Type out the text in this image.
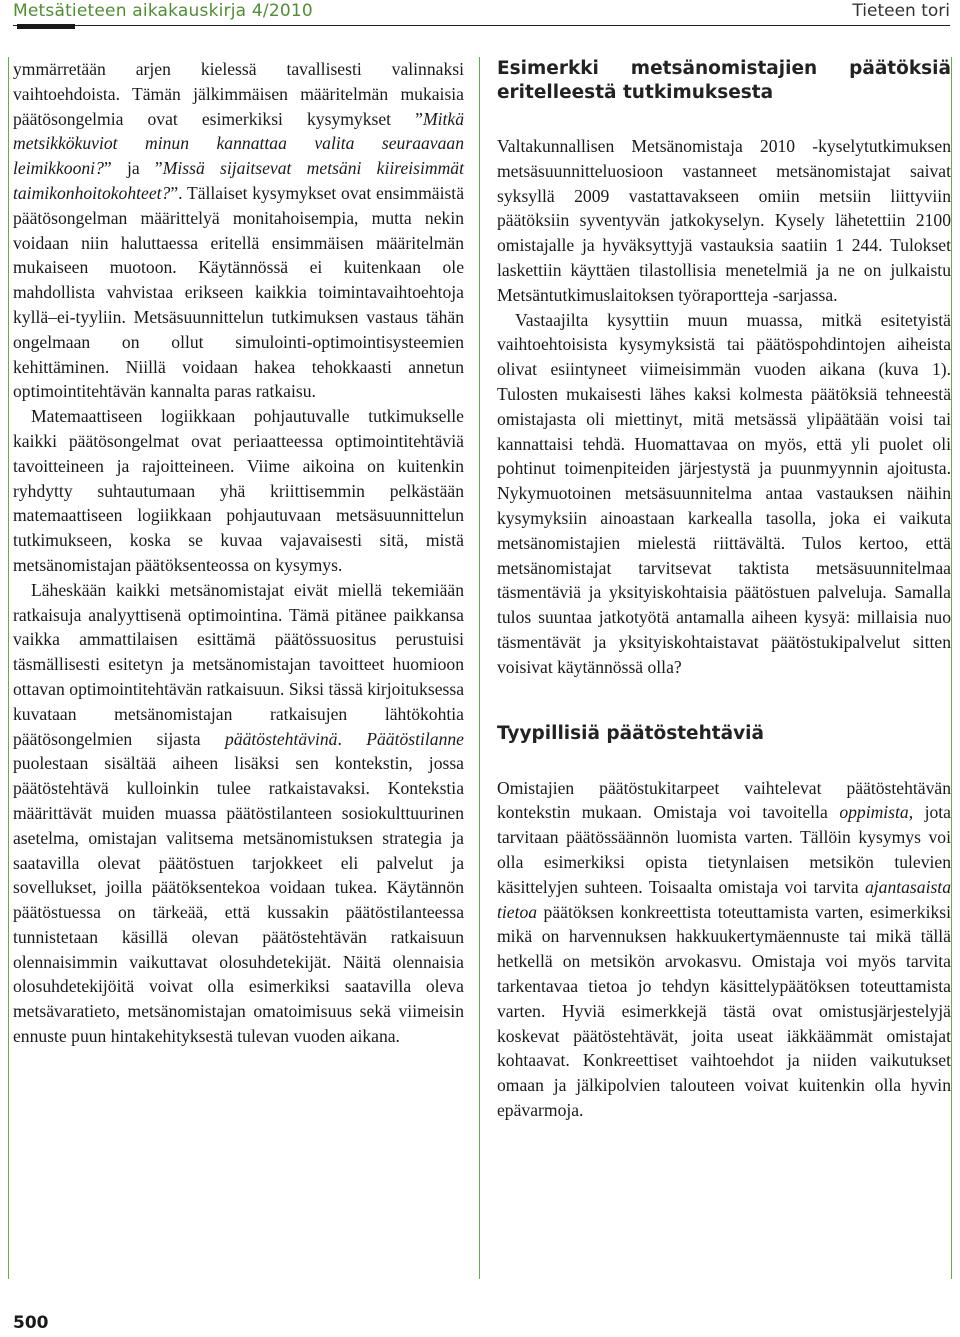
Metsätieteen aikakauskirja 4/2010	Tieteen tori

ymmärretään arjen kielessä tavallisesti valinnaksi vaihtoehdoista. Tämän jälkimmäisen määritelmän mukaisia päätösongelmia ovat esimerkiksi kysymykset ”Mitkä metsikkökuviot minun kannattaa valita seuraavaan leimikkooni?” ja ”Missä sijaitsevat metsäni kiireisimmät taimikonhoitokohteet?”. Tällaiset kysymykset ovat ensimmäistä päätösongelman määrittelyä monitahoisempia, mutta nekin voidaan niin haluttaessa eritellä ensimmäisen määritelmän mukaiseen muotoon. Käytännössä ei kuitenkaan ole mahdollista vahvistaa erikseen kaikkia toimintavaihtoehtoja kyllä–ei-tyyliin. Metsäsuunnittelun tutkimuksen vastaus tähän ongelmaan on ollut simulointi-optimointisysteemien kehittäminen. Niillä voidaan hakea tehokkaasti annetun optimointitehtävän kannalta paras ratkaisu.

Matemaattiseen logiikkaan pohjautuvalle tutkimukselle kaikki päätösongelmat ovat periaatteessa optimointitehtäviä tavoitteineen ja rajoitteineen. Viime aikoina on kuitenkin ryhdytty suhtautumaan yhä kriittisemmin pelkästään matemaattiseen logiikkaan pohjautuvaan metsäsuunnittelun tutkimukseen, koska se kuvaa vajavaisesti sitä, mistä metsänomistajan päätöksenteossa on kysymys.

Läheskään kaikki metsänomistajat eivät miellä tekemiään ratkaisuja analyyttisenä optimointina. Tämä pitänee paikkansa vaikka ammattilaisen esittämä päätössuositus perustuisi täsmällisesti esitetyn ja metsänomistajan tavoitteet huomioon ottavan optimointitehtävän ratkaisuun. Siksi tässä kirjoituksessa kuvataan metsänomistajan ratkaisujen lähtökohtia päätösongelmien sijasta päätöstehtävinä. Päätöstilanne puolestaan sisältää aiheen lisäksi sen kontekstin, jossa päätöstehtävä kulloinkin tulee ratkaistavaksi. Kontekstia määrittävät muiden muassa päätöstilanteen sosiokulttuurinen asetelma, omistajan valitsema metsänomistuksen strategia ja saatavilla olevat päätöstuen tarjokkeet eli palvelut ja sovellukset, joilla päätöksentekoa voidaan tukea. Käytännön päätöstuessa on tärkeää, että kussakin päätöstilanteessa tunnistetaan käsillä olevan päätöstehtävän ratkaisuun olennaisimmin vaikuttavat olosuhdetekijät. Näitä olennaisia olosuhdetekijöitä voivat olla esimerkiksi saatavilla oleva metsävaratieto, metsänomistajan omatoimisuus sekä viimeisin ennuste puun hintakehityksestä tulevan vuoden aikana.

Esimerkki metsänomistajien päätöksiä eritelleestä tutkimuksesta

Valtakunnallisen Metsänomistaja 2010 -kyselytutkimuksen metsäsuunnitteluosioon vastanneet metsänomistajat saivat syksyllä 2009 vastattavakseen omiin metsiin liittyviin päätöksiin syventyvän jatkokyselyn. Kysely lähetettiin 2100 omistajalle ja hyväksyttyjä vastauksia saatiin 1 244. Tulokset laskettiin käyttäen tilastollisia menetelmiä ja ne on julkaistu Metsäntutkimuslaitoksen työraportteja -sarjassa.

Vastaajilta kysyttiin muun muassa, mitkä esitetyistä vaihtoehtoisista kysymyksistä tai päätöspohdintojen aiheista olivat esiintyneet viimeisimmän vuoden aikana (kuva 1). Tulosten mukaisesti lähes kaksi kolmesta päätöksiä tehneestä omistajasta oli miettinyt, mitä metsässä ylipäätään voisi tai kannattaisi tehdä. Huomattavaa on myös, että yli puolet oli pohtinut toimenpiteiden järjestystä ja puunmyynnin ajoitusta. Nykymuotoinen metsäsuunnitelma antaa vastauksen näihin kysymyksiin ainoastaan karkealla tasolla, joka ei vaikuta metsänomistajien mielestä riittävältä. Tulos kertoo, että metsänomistajat tarvitsevat taktista metsäsuunnitelmaa täsmentäviä ja yksityiskohtaisia päätöstuen palveluja. Samalla tulos suuntaa jatkotyötä antamalla aiheen kysyä: millaisia nuo täsmentävät ja yksityiskohtaistavat päätöstukipalvelut sitten voisivat käytännössä olla?

Tyypillisiä päätöstehtäviä

Omistajien päätöstukitarpeet vaihtelevat päätöstehtävän kontekstin mukaan. Omistaja voi tavoitella oppimista, jota tarvitaan päätössäännön luomista varten. Tällöin kysymys voi olla esimerkiksi opista tietynlaisen metsikön tulevien käsittelyjen suhteen. Toisaalta omistaja voi tarvita ajantasaista tietoa päätöksen konkreettista toteuttamista varten, esimerkiksi mikä on harvennuksen hakkuukertymäennuste tai mikä tällä hetkellä on metsikön arvokasvu. Omistaja voi myös tarvita tarkentavaa tietoa jo tehdyn käsittelypäätöksen toteuttamista varten. Hyviä esimerkkejä tästä ovat omistusjärjestelyjä koskevat päätöstehtävät, joita useat iäkkäämmät omistajat kohtaavat. Konkreettiset vaihtoehdot ja niiden vaikutukset omaan ja jälkipolvien talouteen voivat kuitenkin olla hyvin epävarmoja.

500
